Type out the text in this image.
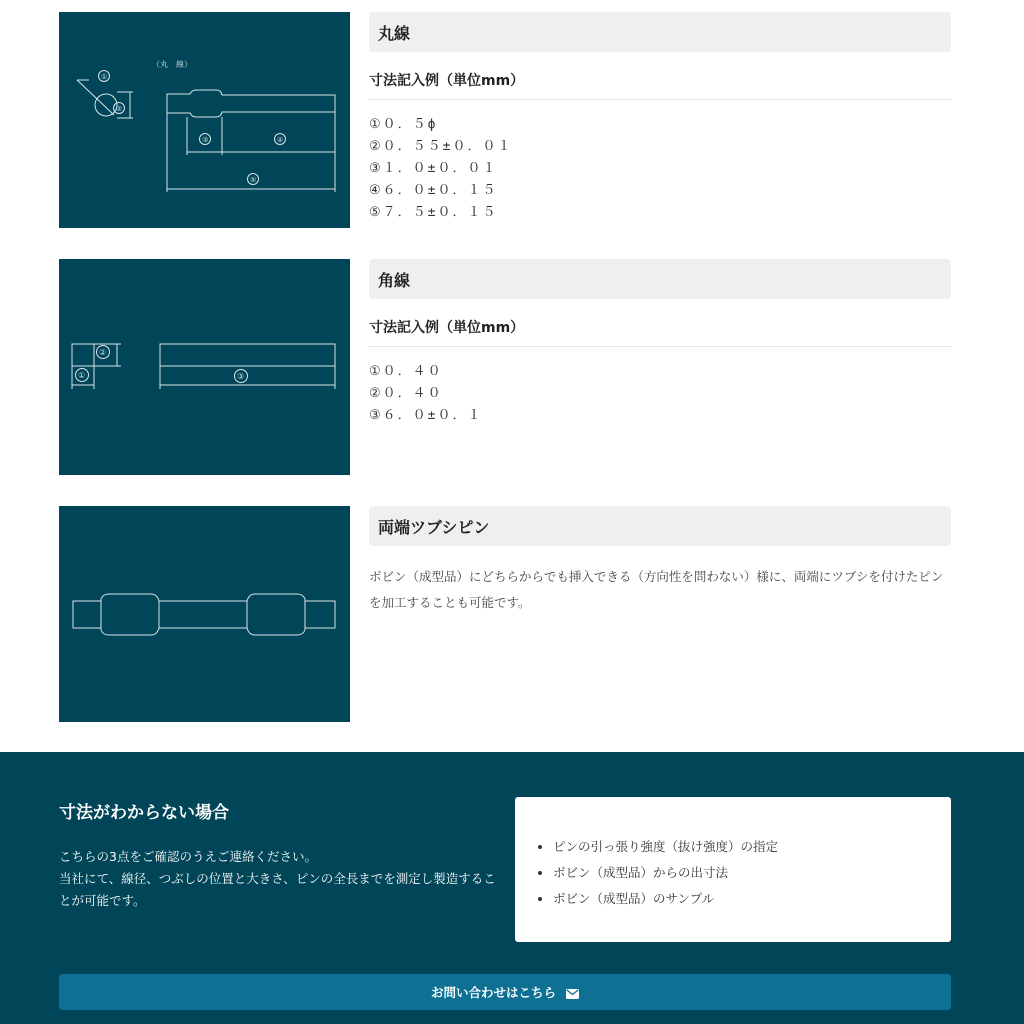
（丸　線）
①
②
③	④
⑤
丸線
寸法記入例（単位mm）
①０．５ϕ
②０．５５±０．０１
③１．０±０．０１
④６．０±０．１５
⑤７．５±０．１５
②
①	③
角線
寸法記入例（単位mm）
①０．４０
②０．４０
③６．０±０．１
両端ツブシピン
ボビン（成型品）にどちらからでも挿入できる（方向性を問わない）様に、両端にツブシを付けたピンを加工することも可能です。
寸法がわからない場合
こちらの3点をご確認のうえご連絡ください。
当社にて、線径、つぶしの位置と大きさ、ピンの全長までを測定し製造することが可能です。
• ピンの引っ張り強度（抜け強度）の指定
• ボビン（成型品）からの出寸法
• ボビン（成型品）のサンプル
お問い合わせはこちら
